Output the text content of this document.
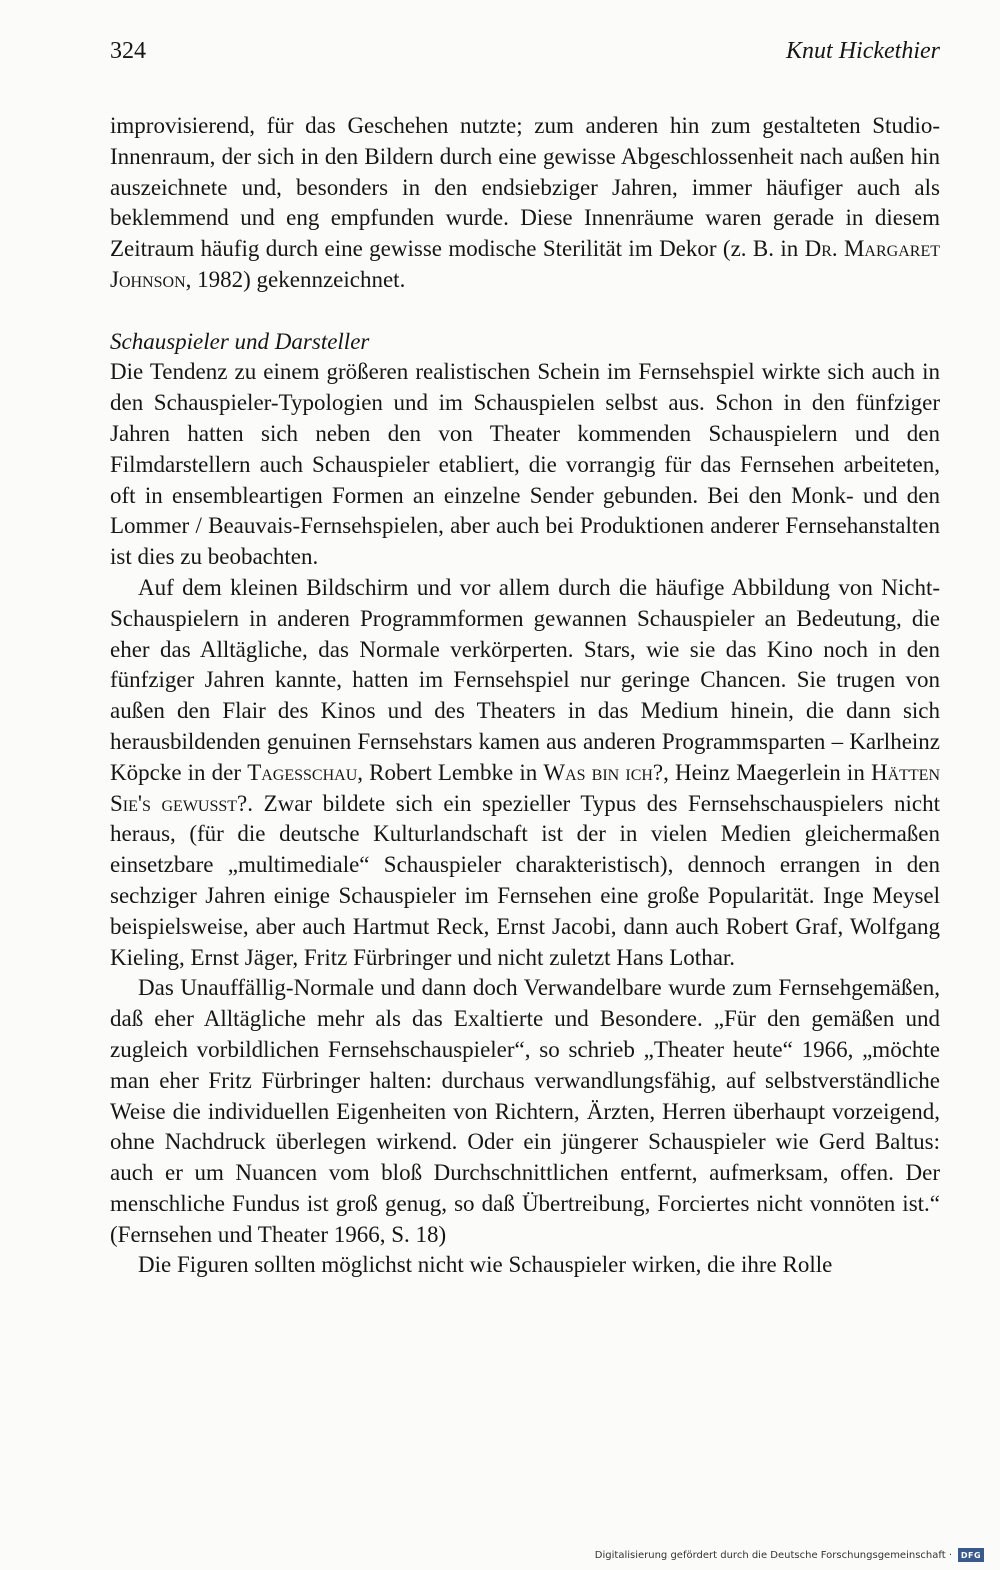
324	Knut Hickethier

improvisierend, für das Geschehen nutzte; zum anderen hin zum gestalteten Studio-Innenraum, der sich in den Bildern durch eine gewisse Abgeschlossenheit nach außen hin auszeichnete und, besonders in den endsiebziger Jahren, immer häufiger auch als beklemmend und eng empfunden wurde. Diese Innenräume waren gerade in diesem Zeitraum häufig durch eine gewisse modische Sterilität im Dekor (z. B. in Dr. Margaret Johnson, 1982) gekennzeichnet.

Schauspieler und Darsteller

Die Tendenz zu einem größeren realistischen Schein im Fernsehspiel wirkte sich auch in den Schauspieler-Typologien und im Schauspielen selbst aus. Schon in den fünfziger Jahren hatten sich neben den von Theater kommenden Schauspielern und den Filmdarstellern auch Schauspieler etabliert, die vorrangig für das Fernsehen arbeiteten, oft in ensembleartigen Formen an einzelne Sender gebunden. Bei den Monk- und den Lommer / Beauvais-Fernsehspielen, aber auch bei Produktionen anderer Fernsehanstalten ist dies zu beobachten.

Auf dem kleinen Bildschirm und vor allem durch die häufige Abbildung von Nicht-Schauspielern in anderen Programmformen gewannen Schauspieler an Bedeutung, die eher das Alltägliche, das Normale verkörperten. Stars, wie sie das Kino noch in den fünfziger Jahren kannte, hatten im Fernsehspiel nur geringe Chancen. Sie trugen von außen den Flair des Kinos und des Theaters in das Medium hinein, die dann sich herausbildenden genuinen Fernsehstars kamen aus anderen Programmsparten – Karlheinz Köpcke in der Tagesschau, Robert Lembke in Was bin ich?, Heinz Maegerlein in Hätten Sie's gewusst?. Zwar bildete sich ein spezieller Typus des Fernsehschauspielers nicht heraus, (für die deutsche Kulturlandschaft ist der in vielen Medien gleichermaßen einsetzbare „multimediale“ Schauspieler charakteristisch), dennoch errangen in den sechziger Jahren einige Schauspieler im Fernsehen eine große Popularität. Inge Meysel beispielsweise, aber auch Hartmut Reck, Ernst Jacobi, dann auch Robert Graf, Wolfgang Kieling, Ernst Jäger, Fritz Fürbringer und nicht zuletzt Hans Lothar.

Das Unauffällig-Normale und dann doch Verwandelbare wurde zum Fernsehgemäßen, daß eher Alltägliche mehr als das Exaltierte und Besondere. „Für den gemäßen und zugleich vorbildlichen Fernsehschauspieler“, so schrieb „Theater heute“ 1966, „möchte man eher Fritz Fürbringer halten: durchaus verwandlungsfähig, auf selbstverständliche Weise die individuellen Eigenheiten von Richtern, Ärzten, Herren überhaupt vorzeigend, ohne Nachdruck überlegen wirkend. Oder ein jüngerer Schauspieler wie Gerd Baltus: auch er um Nuancen vom bloß Durchschnittlichen entfernt, aufmerksam, offen. Der menschliche Fundus ist groß genug, so daß Übertreibung, Forciertes nicht vonnöten ist.“ (Fernsehen und Theater 1966, S. 18)

Die Figuren sollten möglichst nicht wie Schauspieler wirken, die ihre Rolle

Digitalisierung gefördert durch die Deutsche Forschungsgemeinschaft ·	DFG
